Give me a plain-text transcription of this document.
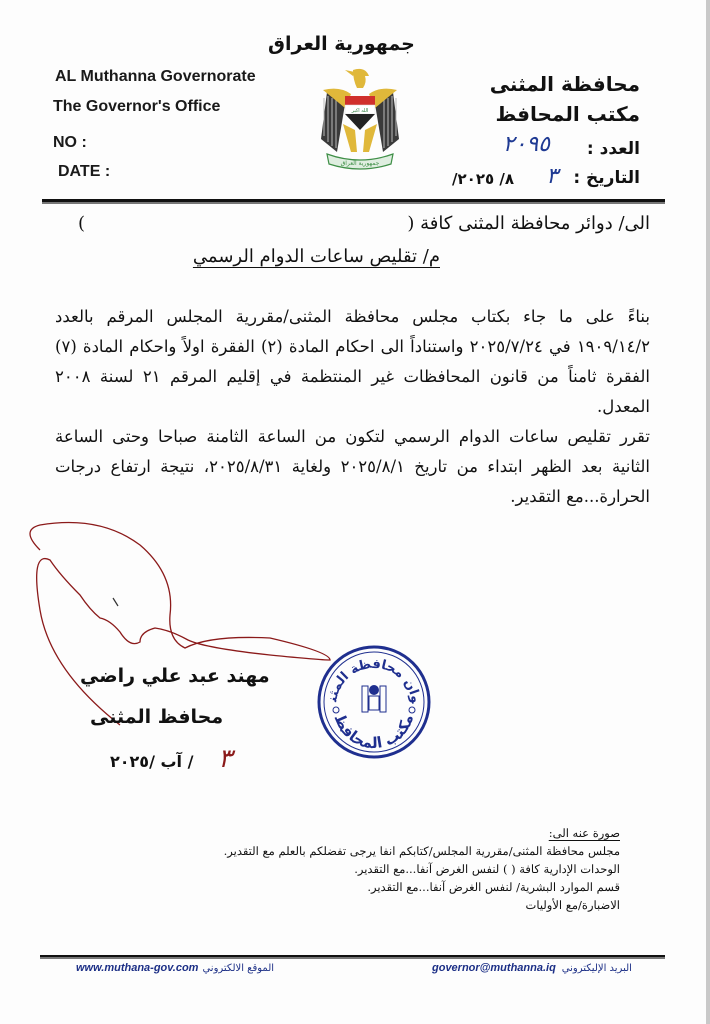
جمهورية العراق
AL Muthanna Governorate
The Governor's Office
NO :
DATE :
الله اكبر
جمهورية العراق
محافظة المثنى
مكتب المحافظ
العدد :
٢٠٩٥
التاريخ :
٣
/٨/ ٢٠٢٥
الى/ دوائر محافظة المثنى كافة (
)
م/ تقليص ساعات الدوام الرسمي

بناءً على ما جاء بكتاب مجلس محافظة المثنى/مقررية المجلس المرقم بالعدد ١٩٠٩/١٤/٢ في ٢٠٢٥/٧/٢٤ واستناداً الى احكام المادة (٢) الفقرة اولاً واحكام المادة (٧) الفقرة ثامناً من قانون المحافظات غير المنتظمة في إقليم المرقم ٢١ لسنة ٢٠٠٨ المعدل.

تقرر تقليص ساعات الدوام الرسمي لتكون من الساعة الثامنة صباحا وحتى الساعة الثانية بعد الظهر ابتداء من تاريخ ٢٠٢٥/٨/١ ولغاية ٢٠٢٥/٨/٣١، نتيجة ارتفاع درجات الحرارة...مع التقدير.

مهند عبد علي راضي
محافظ المثنى
/ آب /٢٠٢٥ ٣
وان محافظة المثن
مكتب المحافظ
صورة عنه الى:
مجلس محافظة المثنى/مقررية المجلس/كتابكم انفا يرجى تفضلكم بالعلم مع التقدير.
الوحدات الإدارية كافة ( ) لنفس الغرض آنفا...مع التقدير.
قسم الموارد البشرية/ لنفس الغرض آنفا...مع التقدير.
الاضبارة/مع الأوليات
www.muthana-gov.com الموقع الالكتروني	governor@muthanna.iq البريد الإليكتروني
